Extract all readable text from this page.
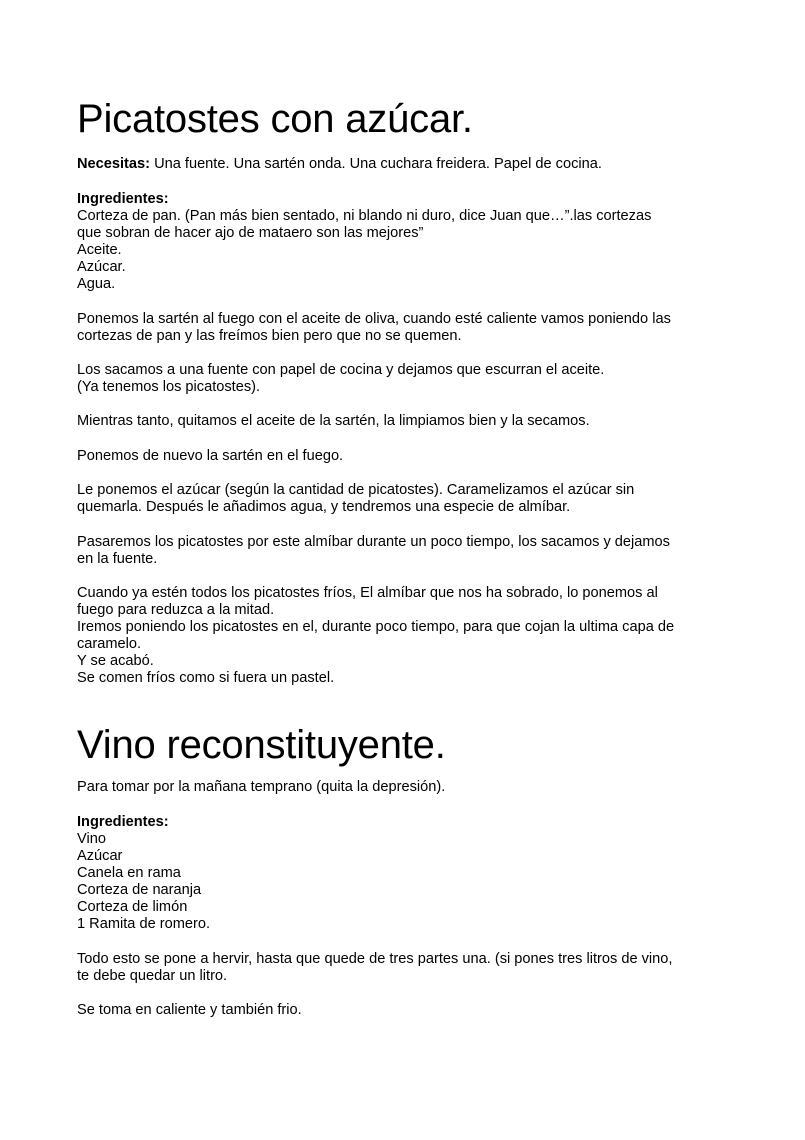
Picatostes con azúcar.
Necesitas: Una fuente. Una sartén onda. Una cuchara freidera. Papel de cocina.
Ingredientes:
Corteza de pan. (Pan más bien sentado, ni blando ni duro, dice Juan que…”.las cortezas
que sobran de hacer ajo de mataero son las mejores”
Aceite.
Azúcar.
Agua.
Ponemos la sartén al fuego con el aceite de oliva, cuando esté caliente vamos poniendo las
cortezas de pan y las freímos bien pero que no se quemen.
Los sacamos a una fuente con papel de cocina y dejamos que escurran el aceite.
(Ya tenemos los picatostes).
Mientras tanto, quitamos el aceite de la sartén, la limpiamos bien y la secamos.
Ponemos de nuevo la sartén en el fuego.
Le ponemos el azúcar (según la cantidad de picatostes). Caramelizamos el azúcar sin
quemarla. Después le añadimos agua, y tendremos una especie de almíbar.
Pasaremos los picatostes por este almíbar durante un poco tiempo, los sacamos y dejamos
en la fuente.
Cuando ya estén todos los picatostes fríos, El almíbar que nos ha sobrado, lo ponemos al
fuego para reduzca a la mitad.
Iremos poniendo los picatostes en el, durante poco tiempo, para que cojan la ultima capa de
caramelo.
Y se acabó.
Se comen fríos como si fuera un pastel.
Vino reconstituyente.
Para tomar por la mañana temprano (quita la depresión).
Ingredientes:
Vino
Azúcar
Canela en rama
Corteza de naranja
Corteza de limón
1 Ramita de romero.
Todo esto se pone a hervir, hasta que quede de tres partes una. (si pones tres litros de vino,
te debe quedar un litro.
Se toma en caliente y también frio.
